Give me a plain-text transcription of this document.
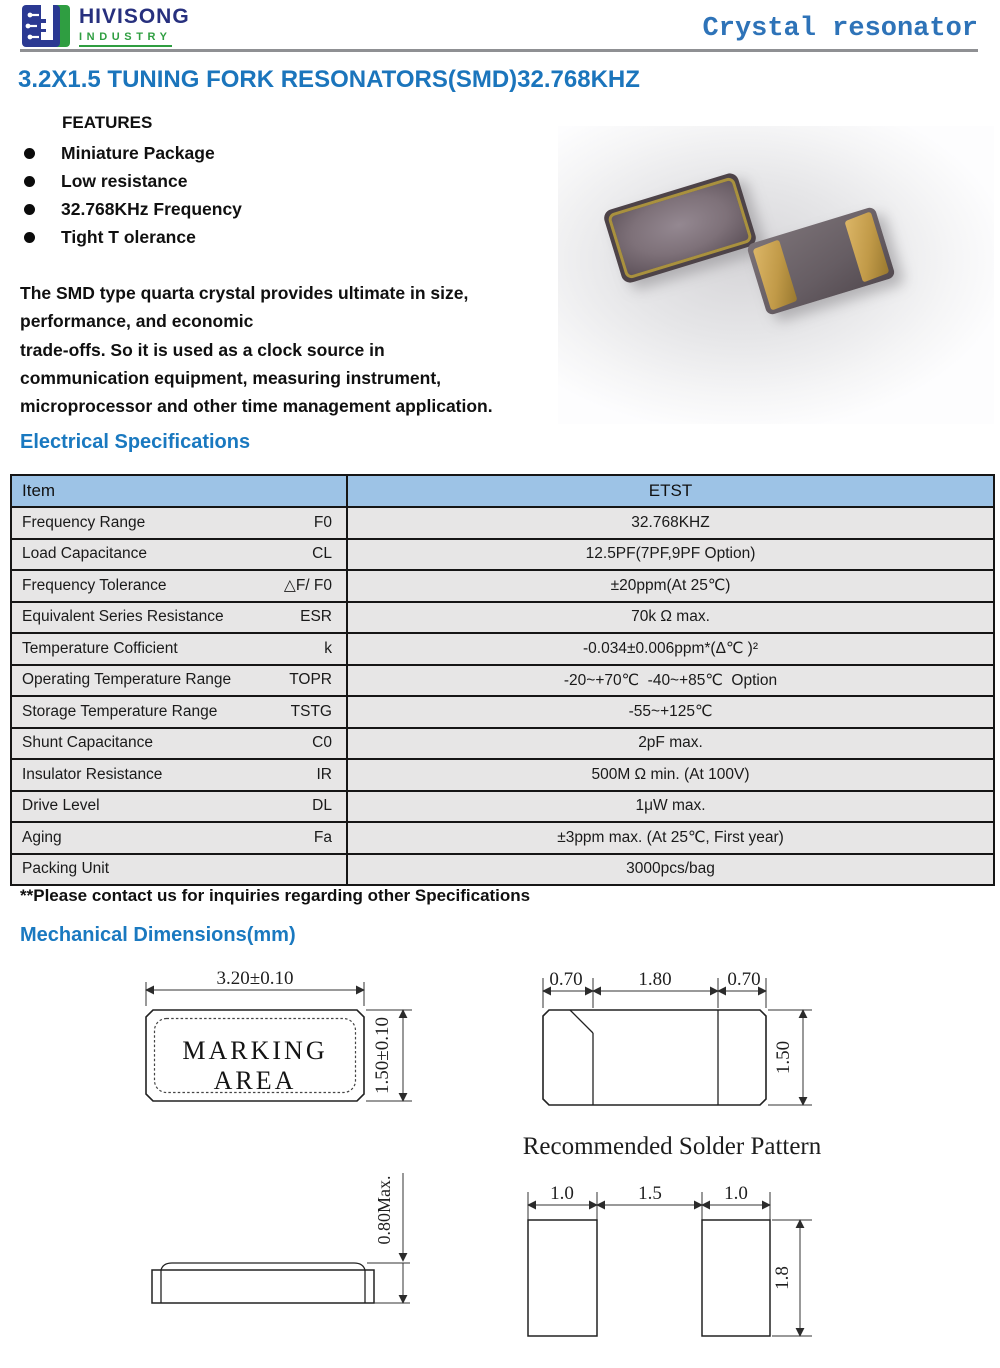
HIVISONG
INDUSTRY	Crystal resonator
3.2X1.5 TUNING FORK RESONATORS(SMD)32.768KHZ
FEATURES
Miniature Package
Low resistance
32.768KHz Frequency
Tight T olerance
The SMD type quarta crystal provides ultimate in size,
performance, and economic
trade-offs. So it is used as a clock source in
communication equipment, measuring instrument,
microprocessor and other time management application.
Electrical Specifications
Item	ETST

Frequency Range F0	32.768KHZ

Load Capacitance CL	12.5PF(7PF,9PF Option)

Frequency Tolerance △F/ F0	±20ppm(At 25℃)

Equivalent Series Resistance ESR	70k Ω max.

Temperature Cofficient k	-0.034±0.006ppm*(Δ℃ )²

Operating Temperature Range TOPR	-20~+70℃  -40~+85℃  Option

Storage Temperature Range TSTG	-55~+125℃

Shunt Capacitance C0	2pF max.

Insulator Resistance IR	500M Ω min. (At 100V)

Drive Level DL	1μW max.

Aging Fa	±3ppm max. (At 25℃, First year)

Packing Unit	3000pcs/bag
**Please contact us for inquiries regarding other Specifications
Mechanical Dimensions(mm)
3.20±0.10
MARKING
AREA	1.50±0.10
0.70	1.80	0.70
1.50
Recommended Solder Pattern
0.80Max.	1.0	1.5	1.0
1.8
